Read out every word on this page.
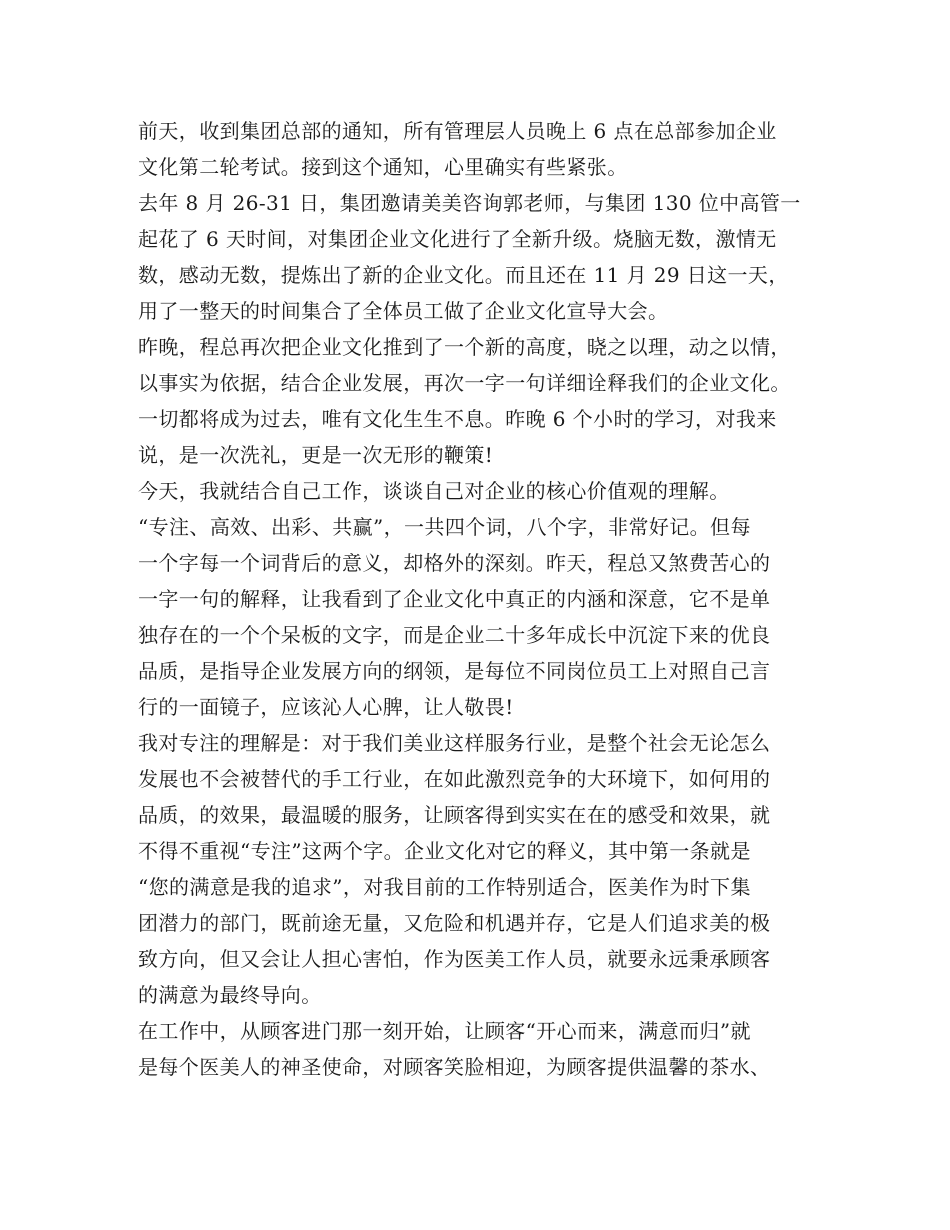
前天，收到集团总部的通知，所有管理层人员晚上 6 点在总部参加企业
文化第二轮考试。接到这个通知，心里确实有些紧张。
去年 8 月 26-31 日，集团邀请美美咨询郭老师，与集团 130 位中高管一
起花了 6 天时间，对集团企业文化进行了全新升级。烧脑无数，激情无
数，感动无数，提炼出了新的企业文化。而且还在 11 月 29 日这一天，
用了一整天的时间集合了全体员工做了企业文化宣导大会。
昨晚，程总再次把企业文化推到了一个新的高度，晓之以理，动之以情，
以事实为依据，结合企业发展，再次一字一句详细诠释我们的企业文化。
一切都将成为过去，唯有文化生生不息。昨晚 6 个小时的学习，对我来
说，是一次洗礼，更是一次无形的鞭策!
今天，我就结合自己工作，谈谈自己对企业的核心价值观的理解。
“专注、高效、出彩、共赢”，一共四个词，八个字，非常好记。但每
一个字每一个词背后的意义，却格外的深刻。昨天，程总又煞费苦心的
一字一句的解释，让我看到了企业文化中真正的内涵和深意，它不是单
独存在的一个个呆板的文字，而是企业二十多年成长中沉淀下来的优良
品质，是指导企业发展方向的纲领，是每位不同岗位员工上对照自己言
行的一面镜子，应该沁人心脾，让人敬畏!
我对专注的理解是：对于我们美业这样服务行业，是整个社会无论怎么
发展也不会被替代的手工行业，在如此激烈竞争的大环境下，如何用的
品质，的效果，最温暖的服务，让顾客得到实实在在的感受和效果，就
不得不重视“专注”这两个字。企业文化对它的释义，其中第一条就是
“您的满意是我的追求”，对我目前的工作特别适合，医美作为时下集
团潜力的部门，既前途无量，又危险和机遇并存，它是人们追求美的极
致方向，但又会让人担心害怕，作为医美工作人员，就要永远秉承顾客
的满意为最终导向。
在工作中，从顾客进门那一刻开始，让顾客“开心而来，满意而归”就
是每个医美人的神圣使命，对顾客笑脸相迎，为顾客提供温馨的茶水、
